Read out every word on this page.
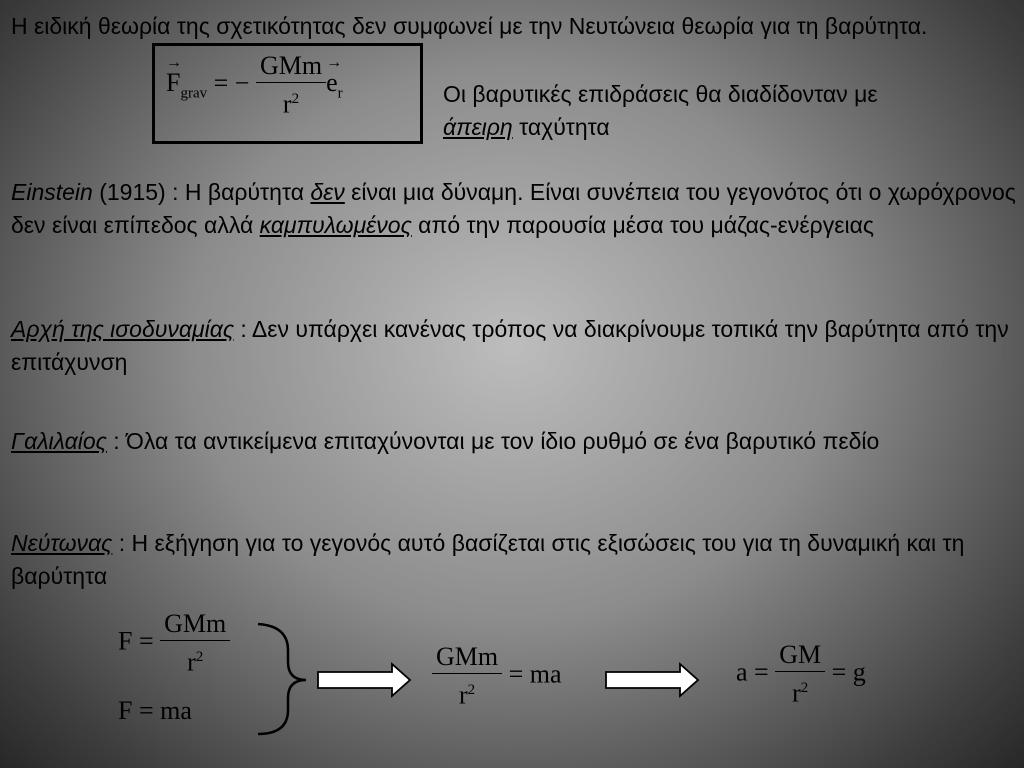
Η ειδική θεωρία της σχετικότητας δεν συμφωνεί με την Νευτώνεια θεωρία για τη βαρύτητα.

→ $F_{grav}$ = − $\frac{\text{GMm}}{r^2}$
→ $e_r$	Οι βαρυτικές επιδράσεις θα διαδίδονταν με
άπειρη ταχύτητα

Einstein (1915) : Η βαρύτητα δεν είναι μια δύναμη. Είναι συνέπεια του γεγονότος ότι ο χωρόχρονος δεν είναι επίπεδος αλλά καμπυλωμένος από την παρουσία μέσα του μάζας-ενέργειας

Αρχή της ισοδυναμίας : Δεν υπάρχει κανένας τρόπος να διακρίνουμε τοπικά την βαρύτητα από την επιτάχυνση

Γαλιλαίος : Όλα τα αντικείμενα επιταχύνονται με τον ίδιο ρυθμό σε ένα βαρυτικό πεδίο

Νεύτωνας : Η εξήγηση για το γεγονός αυτό βασίζεται στις εξισώσεις του για τη δυναμική και τη βαρύτητα

$F = \frac{\text{GMm}}{r^2}$
F = ma
$\frac{\text{GMm}}{r^2}$ = ma	$a = \frac{GM}{r^2} = g$
